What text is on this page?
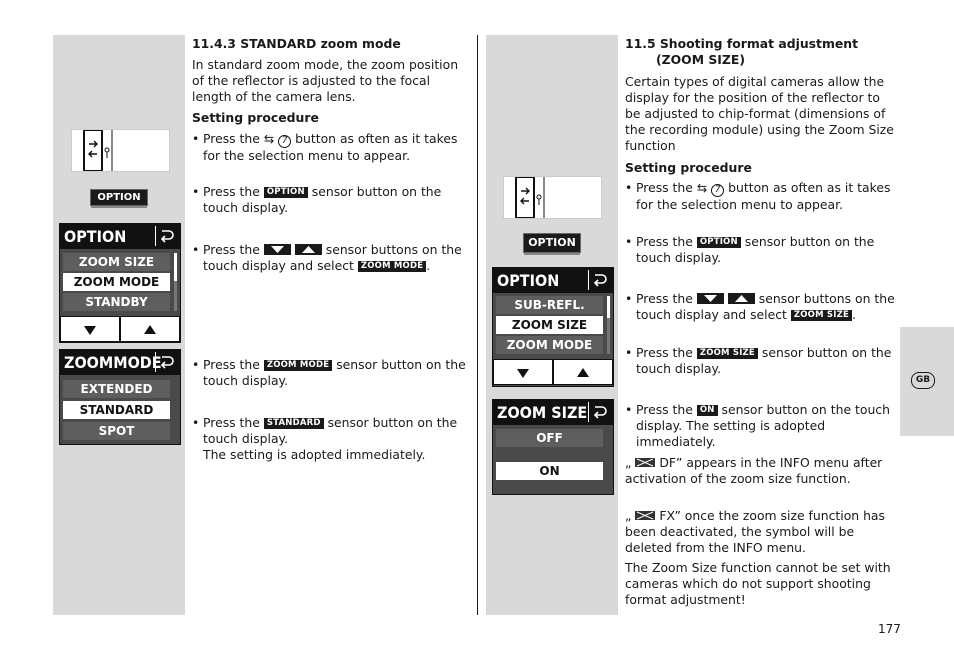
OPTION
OPTION
ZOOM SIZE
ZOOM MODE
STANDBY
ZOOMMODE
EXTENDED
STANDARD
SPOT
11.4.3 STANDARD zoom mode
In standard zoom mode, the zoom position of the reflector is adjusted to the focal length of the camera lens.
Setting procedure
• Press the ⇆ 7 button as often as it takes for the selection menu to appear.
• Press the OPTION sensor button on the touch display.
• Press the
	sensor buttons on the touch display and select ZOOM MODE .
• Press the ZOOM MODE sensor button on the touch display.
• Press the STANDARD sensor button on the touch display.
The setting is adopted immediately.
OPTION
OPTION
SUB-REFL.
ZOOM SIZE
ZOOM MODE
ZOOM SIZE
OFF
ON
11.5 Shooting format adjustment
(ZOOM SIZE)
Certain types of digital cameras allow the display for the position of the reflector to be adjusted to chip-format (dimensions of the recording module) using the Zoom Size function
Setting procedure
• Press the ⇆ 7 button as often as it takes for the selection menu to appear.
• Press the OPTION sensor button on the touch display.
• Press the
	sensor buttons on the touch display and select ZOOM SIZE .
• Press the ZOOM SIZE sensor button on the touch display.
• Press the ON sensor button on the touch display. The setting is adopted immediately.
„ DF” appears in the INFO menu after activation of the zoom size function.
„ FX” once the zoom size function has been deactivated, the symbol will be deleted from the INFO menu.
The Zoom Size function cannot be set with cameras which do not support shooting format adjustment!
GB
177
